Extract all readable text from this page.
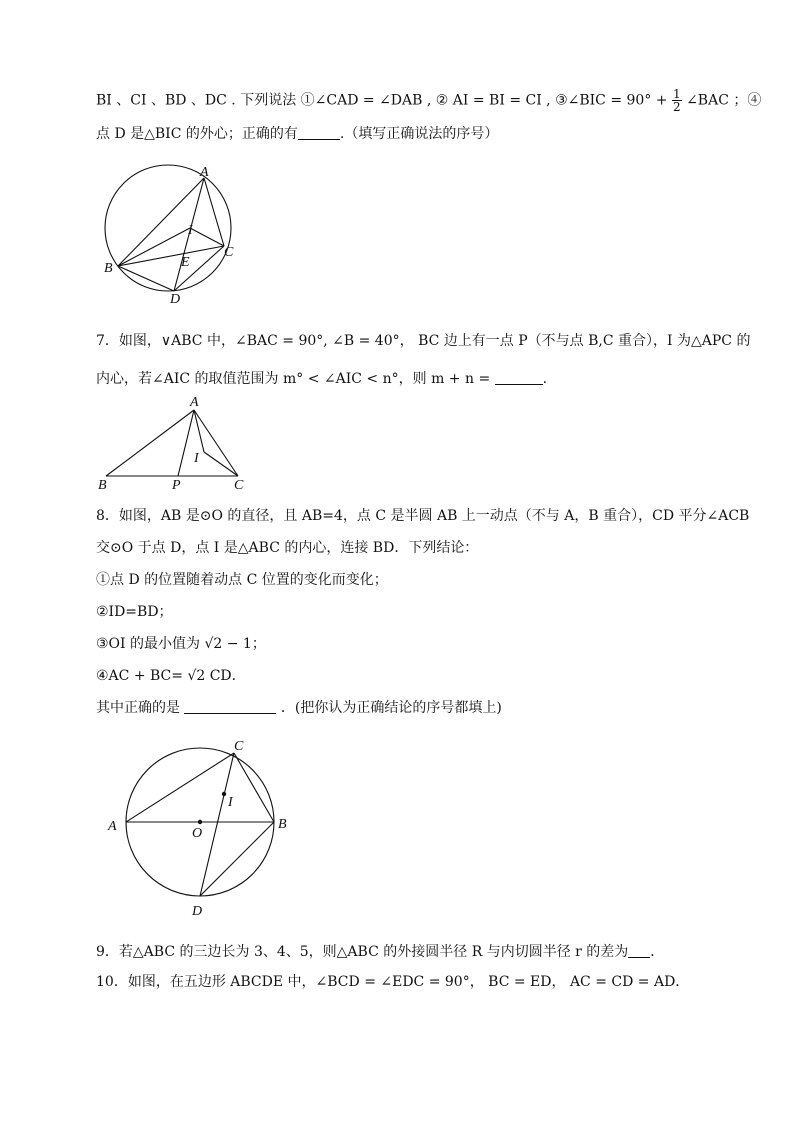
BI 、CI 、BD 、DC . 下列说法 ①∠CAD = ∠DAB , ② AI = BI = CI , ③∠BIC = $90^\circ + \frac{1}{2}$ ∠BAC ；④
点 D 是△BIC 的外心；正确的有	.（填写正确说法的序号）
A
B
C
D
E
I
7．如图，∨ABC 中，∠BAC = 90°, ∠B = 40°， BC 边上有一点 P（不与点 B,C 重合），I 为△APC 的
内心，若∠AIC 的取值范围为 m° < ∠AIC < n°，则 m + n =	.
A
B	C
P
I
8．如图，AB 是⊙O 的直径，且 AB=4，点 C 是半圆 AB 上一动点（不与 A，B 重合），CD 平分∠ACB
交⊙O 于点 D，点 I 是△ABC 的内心，连接 BD．下列结论：
①点 D 的位置随着动点 C 位置的变化而变化；
②ID=BD；
③OI 的最小值为 √2 − 1；
④AC + BC= √2 CD．
其中正确的是	．(把你认为正确结论的序号都填上)
A	B
C
D
O
I
9．若△ABC 的三边长为 3、4、5，则△ABC 的外接圆半径 R 与内切圆半径 r 的差为 ．
10．如图，在五边形 ABCDE 中，∠BCD = ∠EDC = 90°， BC = ED， AC = CD = AD．
